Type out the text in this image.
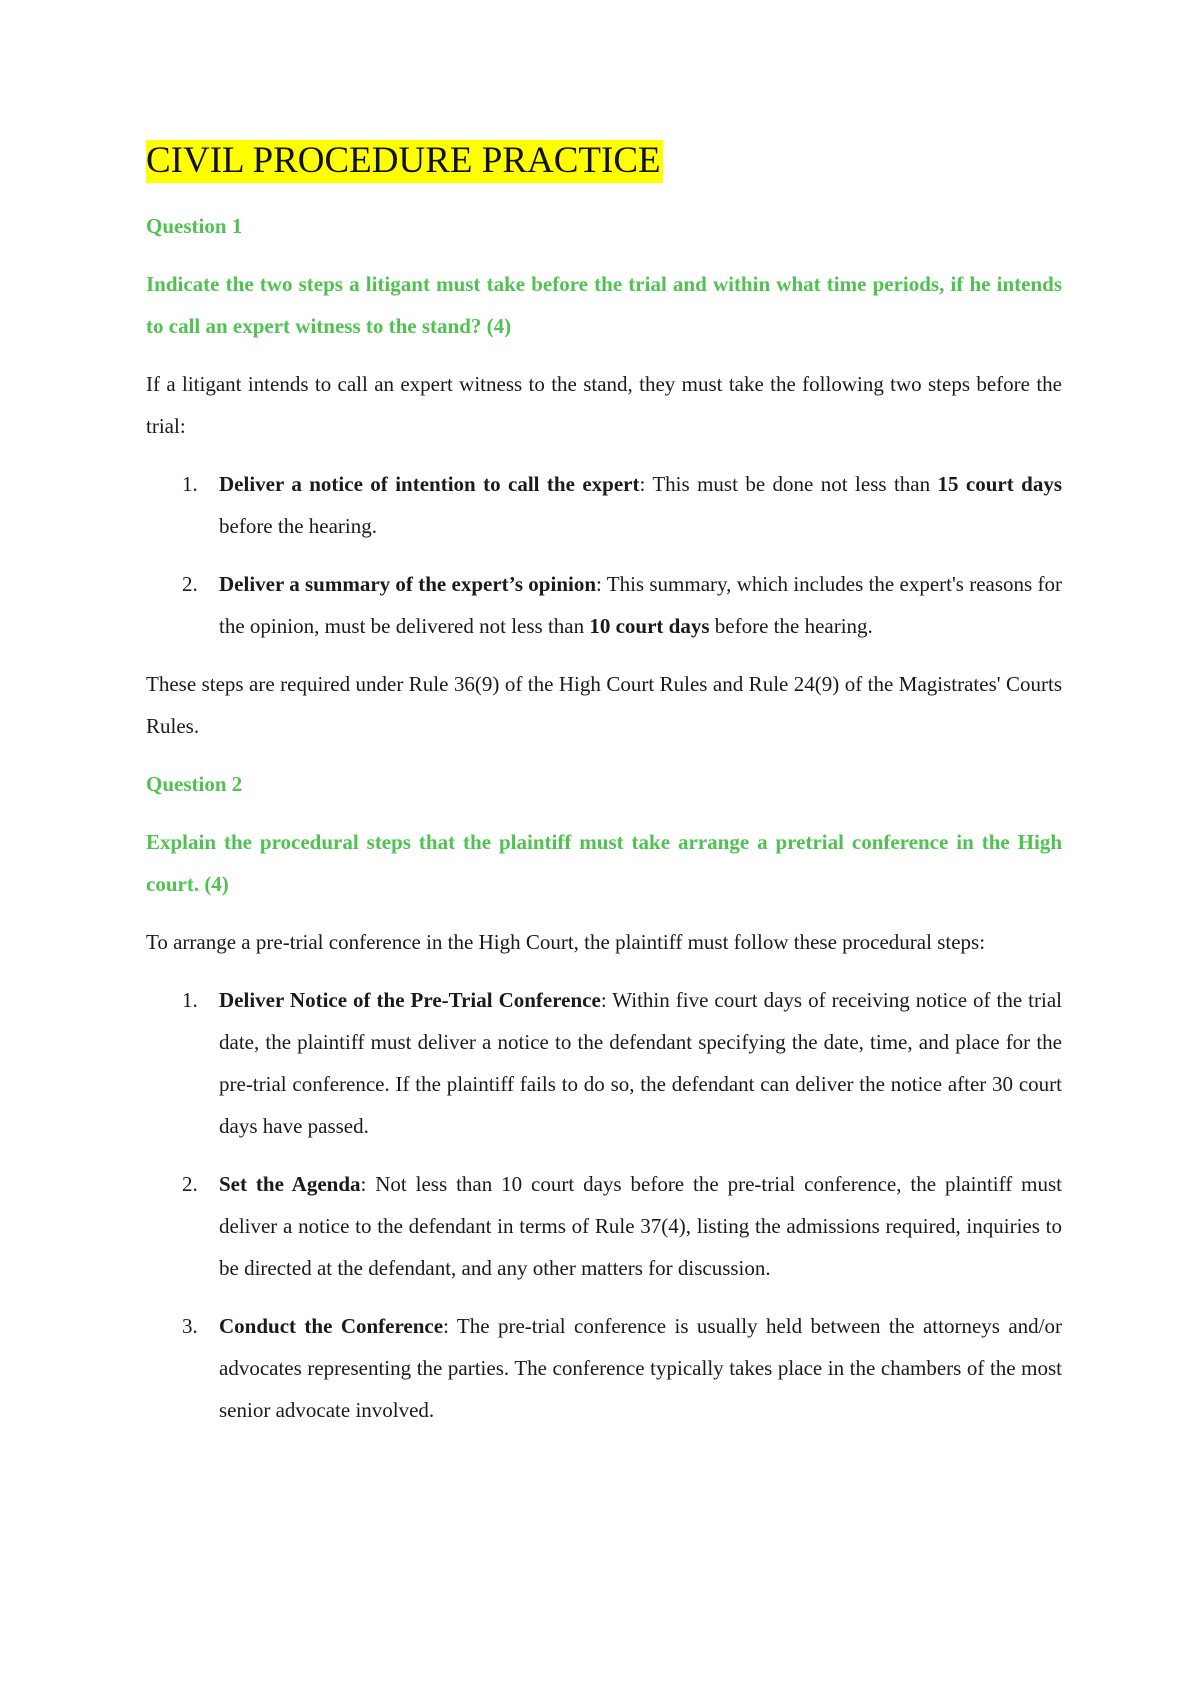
CIVIL PROCEDURE PRACTICE
Question 1
Indicate the two steps a litigant must take before the trial and within what time periods, if he intends to call an expert witness to the stand? (4)
If a litigant intends to call an expert witness to the stand, they must take the following two steps before the trial:
1. Deliver a notice of intention to call the expert: This must be done not less than 15 court days before the hearing.
2. Deliver a summary of the expert’s opinion: This summary, which includes the expert's reasons for the opinion, must be delivered not less than 10 court days before the hearing.
These steps are required under Rule 36(9) of the High Court Rules and Rule 24(9) of the Magistrates' Courts Rules.
Question 2
Explain the procedural steps that the plaintiff must take arrange a pretrial conference in the High court. (4)
To arrange a pre-trial conference in the High Court, the plaintiff must follow these procedural steps:
1. Deliver Notice of the Pre-Trial Conference: Within five court days of receiving notice of the trial date, the plaintiff must deliver a notice to the defendant specifying the date, time, and place for the pre-trial conference. If the plaintiff fails to do so, the defendant can deliver the notice after 30 court days have passed.
2. Set the Agenda: Not less than 10 court days before the pre-trial conference, the plaintiff must deliver a notice to the defendant in terms of Rule 37(4), listing the admissions required, inquiries to be directed at the defendant, and any other matters for discussion.
3. Conduct the Conference: The pre-trial conference is usually held between the attorneys and/or advocates representing the parties. The conference typically takes place in the chambers of the most senior advocate involved.
